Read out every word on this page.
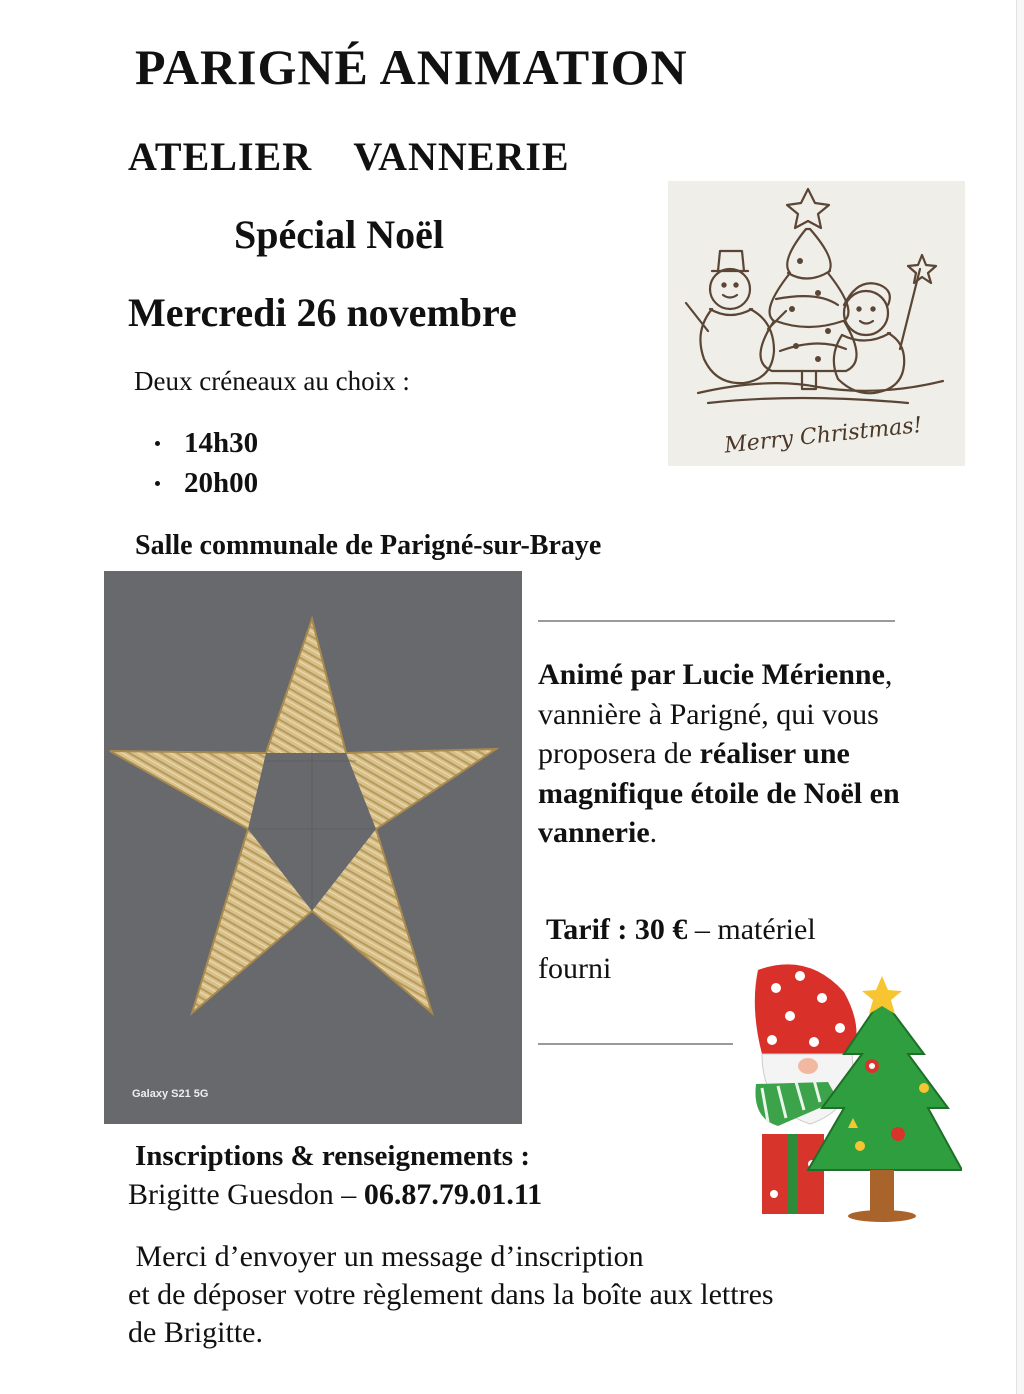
PARIGNÉ ANIMATION
ATELIER  VANNERIE
Spécial Noël
Mercredi 26 novembre
Deux créneaux au choix :
14h30
20h00
Salle communale de Parigné-sur-Braye
Merry Christmas!
Galaxy S21 5G
Animé par Lucie Mérienne, vannière à Parigné, qui vous proposera de réaliser une magnifique étoile de Noël en vannerie.
Tarif : 30 € – matériel fourni
Inscriptions & renseignements :
Brigitte Guesdon – 06.87.79.01.11
Merci d’envoyer un message d’inscription
et de déposer votre règlement dans la boîte aux lettres
de Brigitte.
